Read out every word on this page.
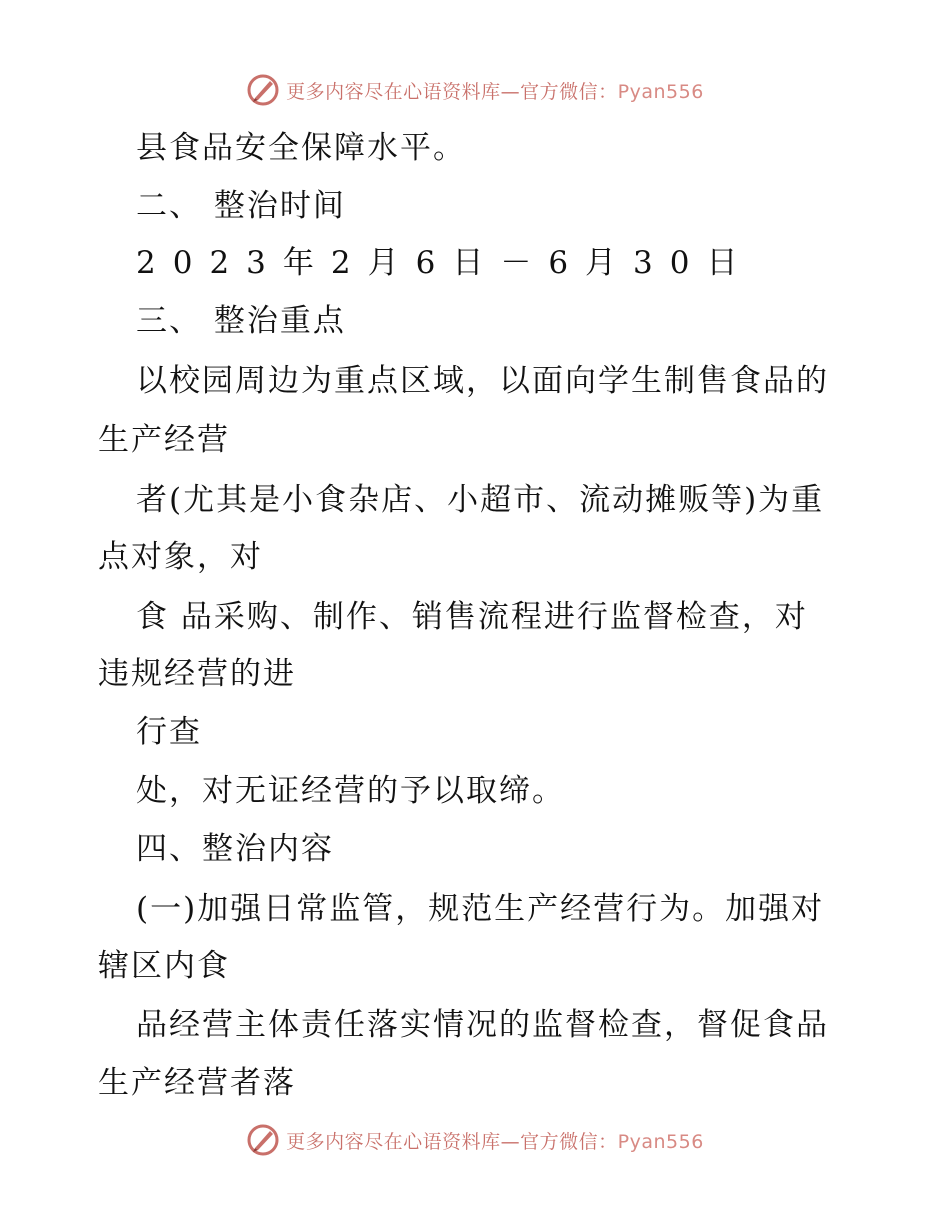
更多内容尽在心语资料库—官方微信：Pyan556
县食品安全保障水平。
二、 整治时间
2023年2月6日－6月30日
三、 整治重点
以校园周边为重点区域，以面向学生制售食品的
生产经营
者(尤其是小食杂店、小超市、流动摊贩等)为重
点对象，对
食 品采购、制作、销售流程进行监督检查，对
违规经营的进
行查
处，对无证经营的予以取缔。
四、整治内容
(一)加强日常监管，规范生产经营行为。加强对
辖区内食
品经营主体责任落实情况的监督检查，督促食品
生产经营者落
更多内容尽在心语资料库—官方微信：Pyan556
